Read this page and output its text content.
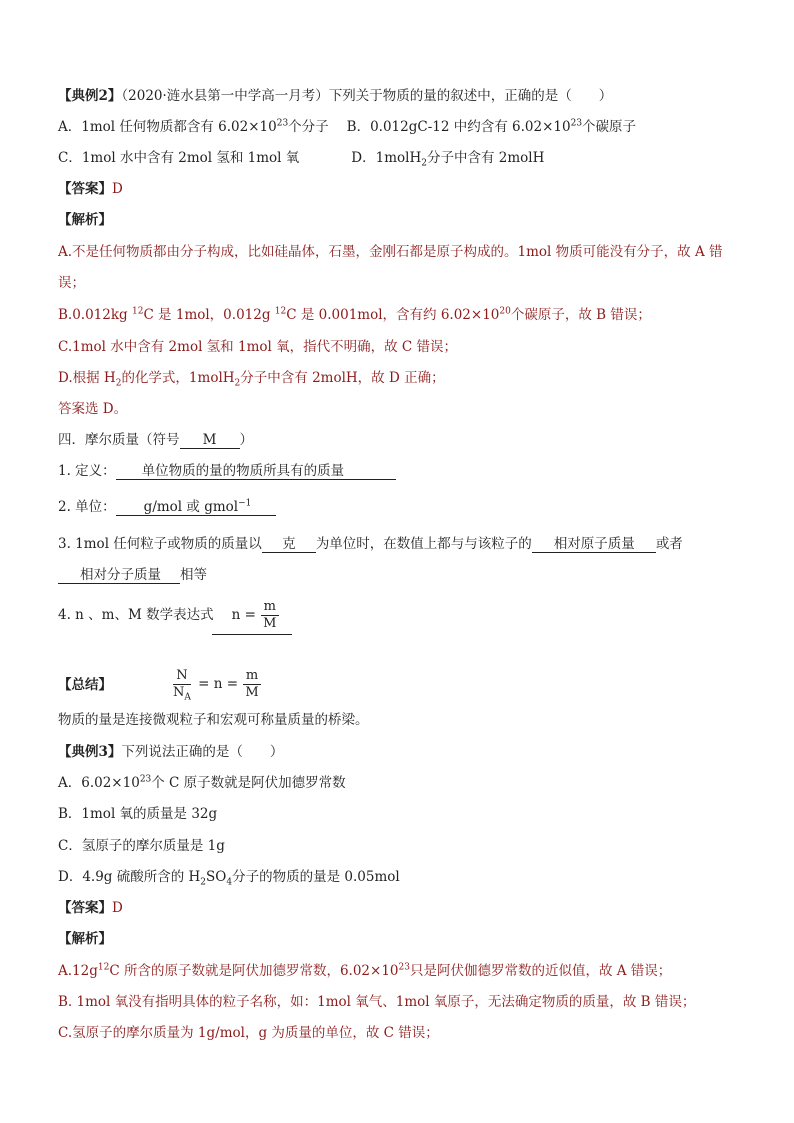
【典例2】（2020·涟水县第一中学高一月考）下列关于物质的量的叙述中，正确的是（　　）
A．1mol 任何物质都含有 $6.02\times 10^{23}$个分子 B．0.012gC-12 中约含有 $6.02\times 10^{23}$个碳原子
C．1mol 水中含有 2mol 氢和 1mol 氧	D．1molH$_2$分子中含有 2molH
【答案】D
【解析】
A.不是任何物质都由分子构成，比如硅晶体，石墨，金刚石都是原子构成的。1mol 物质可能没有分子，故 A 错
误；
B.0.012kg $^{12}$C 是 1mol，0.012g $^{12}$C 是 0.001mol，含有约 $6.02\times 10^{20}$个碳原子，故 B 错误；
C.1mol 水中含有 2mol 氢和 1mol 氧，指代不明确，故 C 错误；
D.根据 $H_2$的化学式，1molH$_2$分子中含有 2molH，故 D 正确；
答案选 D。
四．摩尔质量（符号 M ）
1. 定义： 单位物质的量的物质所具有的质量
2. 单位： g/mol 或 gmol$^{-1}$
3. 1mol 任何粒子或物质的质量以 克 为单位时，在数值上都与与该粒子的 相对原子质量 或者
相对分子质量 相等
4. n 、m、M 数学表达式 $n = \frac{m}{M}$
【总结】	$\frac{N}{N_A} = n = \frac{m}{M}$
物质的量是连接微观粒子和宏观可称量质量的桥梁。
【典例3】下列说法正确的是（　　）
A．$6.02\times 10^{23}$个 C 原子数就是阿伏加德罗常数
B．1mol 氧的质量是 32g
C．氢原子的摩尔质量是 1g
D．4.9g 硫酸所含的 $H_2SO_4$分子的物质的量是 0.05mol
【答案】D
【解析】
$A.12g^{12}C$ 所含的原子数就是阿伏加德罗常数，$6.02\times 10^{23}$只是阿伏伽德罗常数的近似值，故 A 错误；
B. 1mol 氧没有指明具体的粒子名称，如：1mol 氧气、1mol 氧原子，无法确定物质的质量，故 B 错误；
C.氢原子的摩尔质量为 1g/mol，g 为质量的单位，故 C 错误；
